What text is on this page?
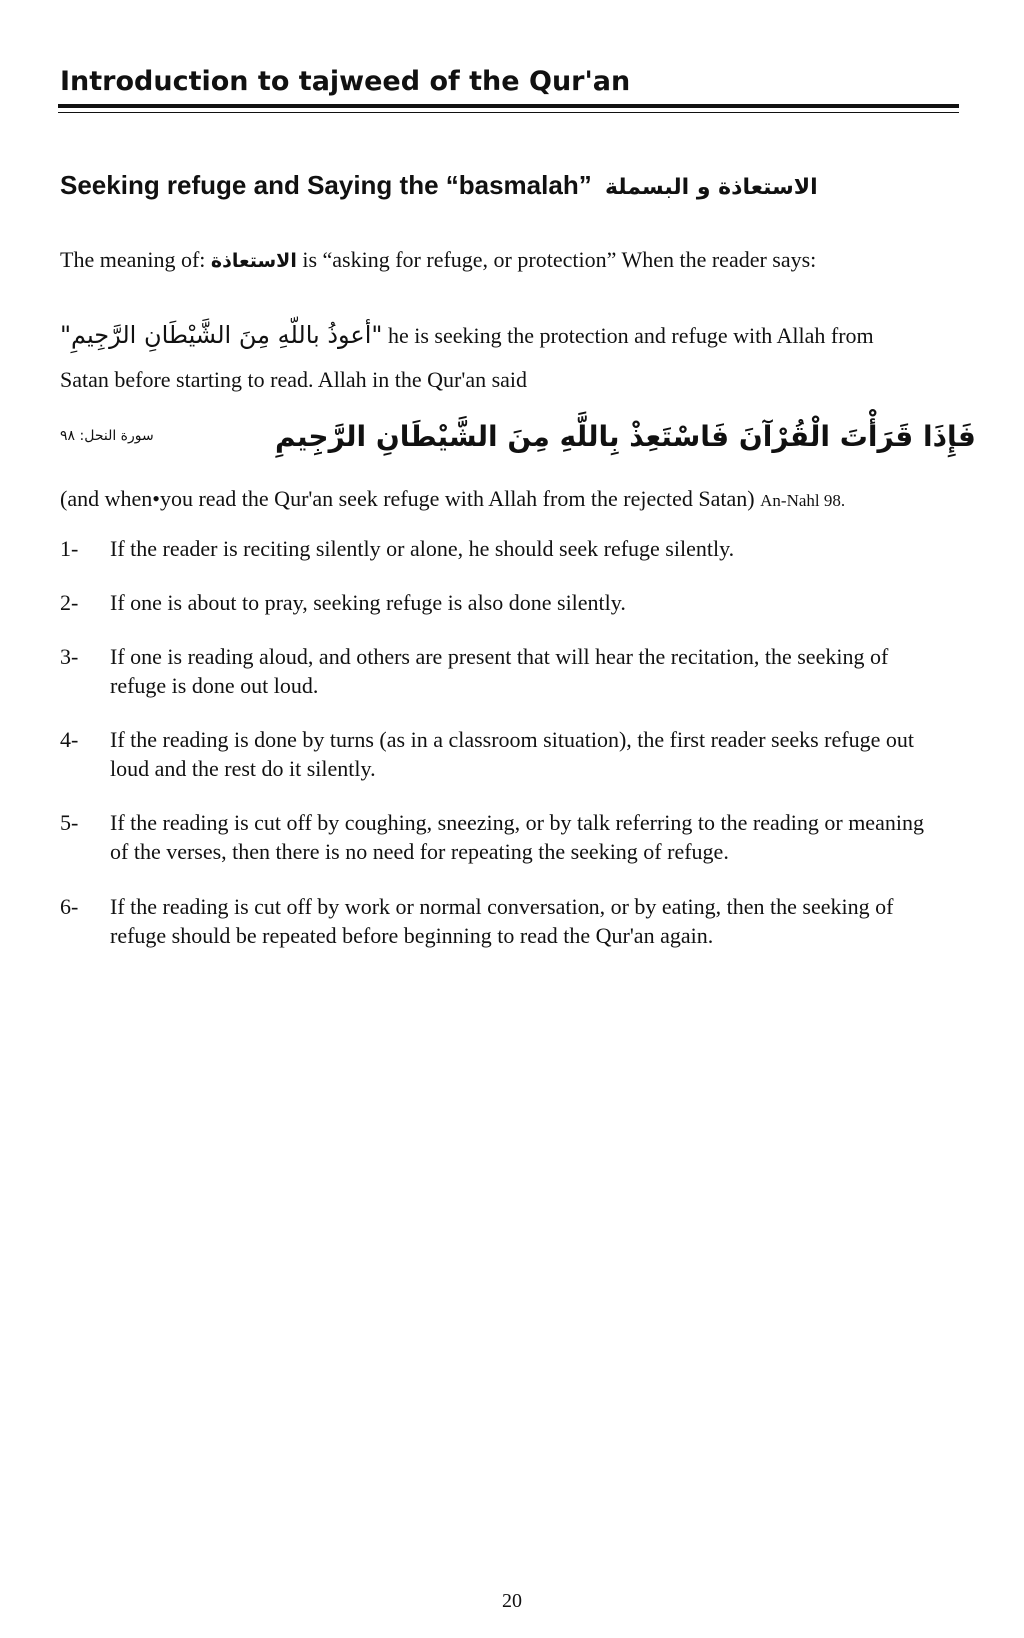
Introduction to tajweed of the Qur'an
Seeking refuge and Saying the “basmalah” الاستعاذة و البسملة
The meaning of: الاستعاذة is “asking for refuge, or protection” When the reader says:
"أعوذُ باللّهِ مِنَ الشَّيْطَانِ الرَّجِيمِ" he is seeking the protection and refuge with Allah from
Satan before starting to read. Allah in the Qur'an said
سورة النحل: ٩٨	فَإِذَا قَرَأْتَ الْقُرْآنَ فَاسْتَعِذْ بِاللَّهِ مِنَ الشَّيْطَانِ الرَّجِيمِ
(and when•you read the Qur'an seek refuge with Allah from the rejected Satan) An-Nahl 98.
1- If the reader is reciting silently or alone, he should seek refuge silently.
2- If one is about to pray, seeking refuge is also done silently.
3- If one is reading aloud, and others are present that will hear the recitation, the seeking of refuge is done out loud.
4- If the reading is done by turns (as in a classroom situation), the first reader seeks refuge out loud and the rest do it silently.
5- If the reading is cut off by coughing, sneezing, or by talk referring to the reading or meaning of the verses, then there is no need for repeating the seeking of refuge.
6- If the reading is cut off by work or normal conversation, or by eating, then the seeking of refuge should be repeated before beginning to read the Qur'an again.
20
